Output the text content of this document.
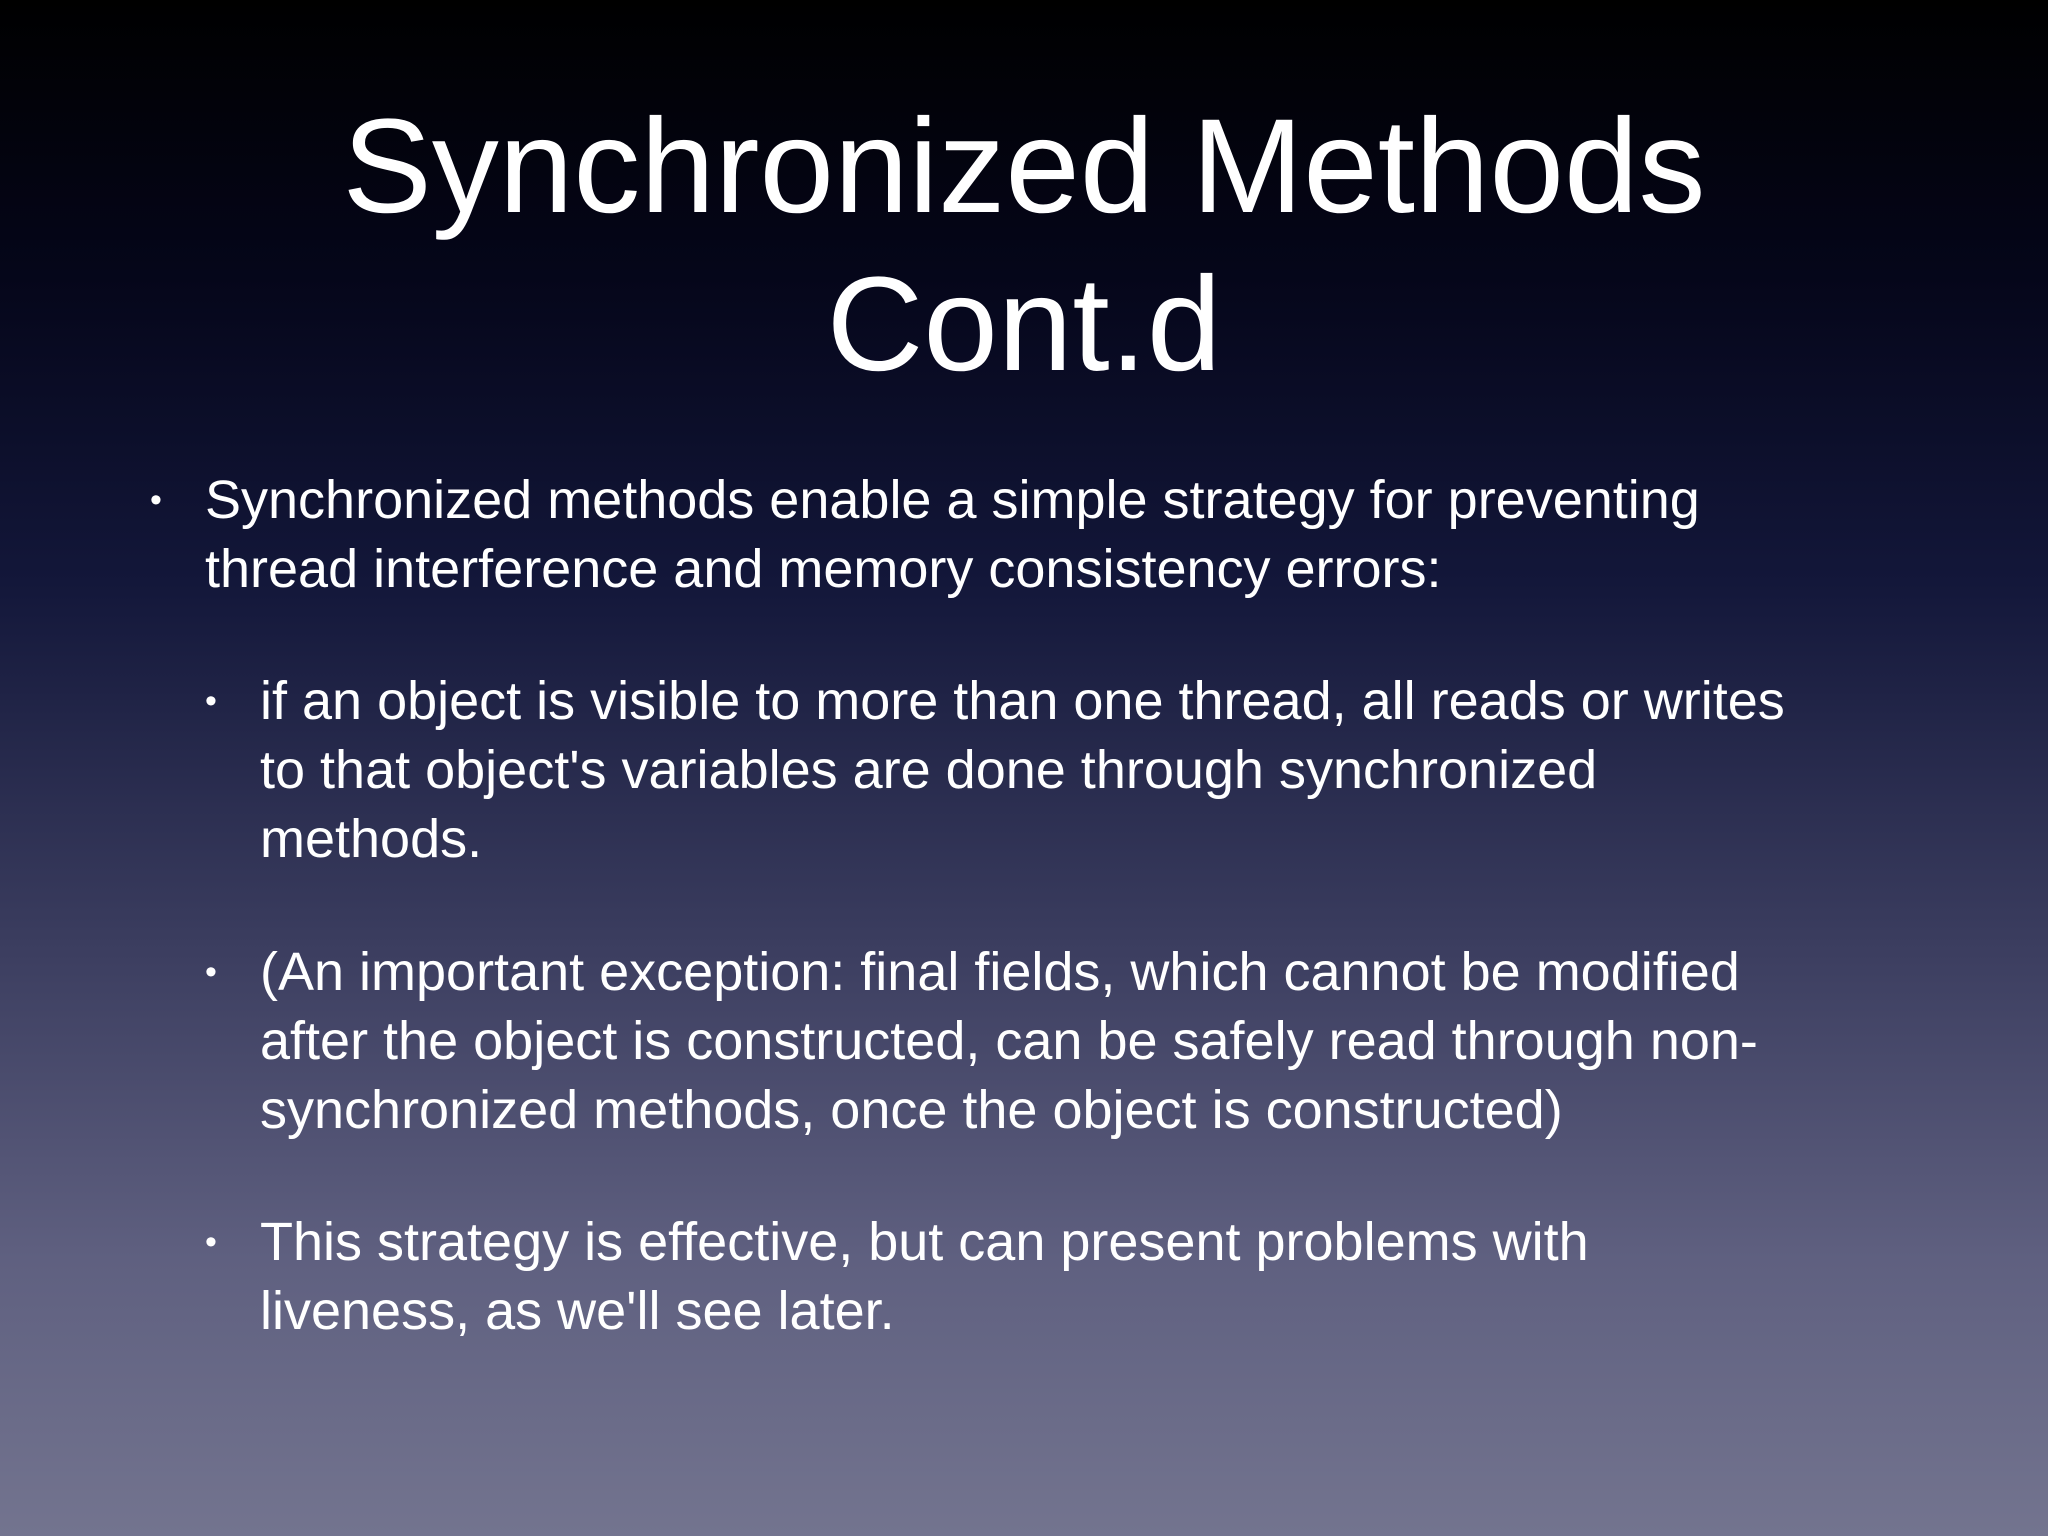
Synchronized Methods
Cont.d
• Synchronized methods enable a simple strategy for preventing
thread interference and memory consistency errors:
• if an object is visible to more than one thread, all reads or writes
to that object's variables are done through synchronized
methods.
• (An important exception: final fields, which cannot be modified
after the object is constructed, can be safely read through non-
synchronized methods, once the object is constructed)
• This strategy is effective, but can present problems with
liveness, as we'll see later.
